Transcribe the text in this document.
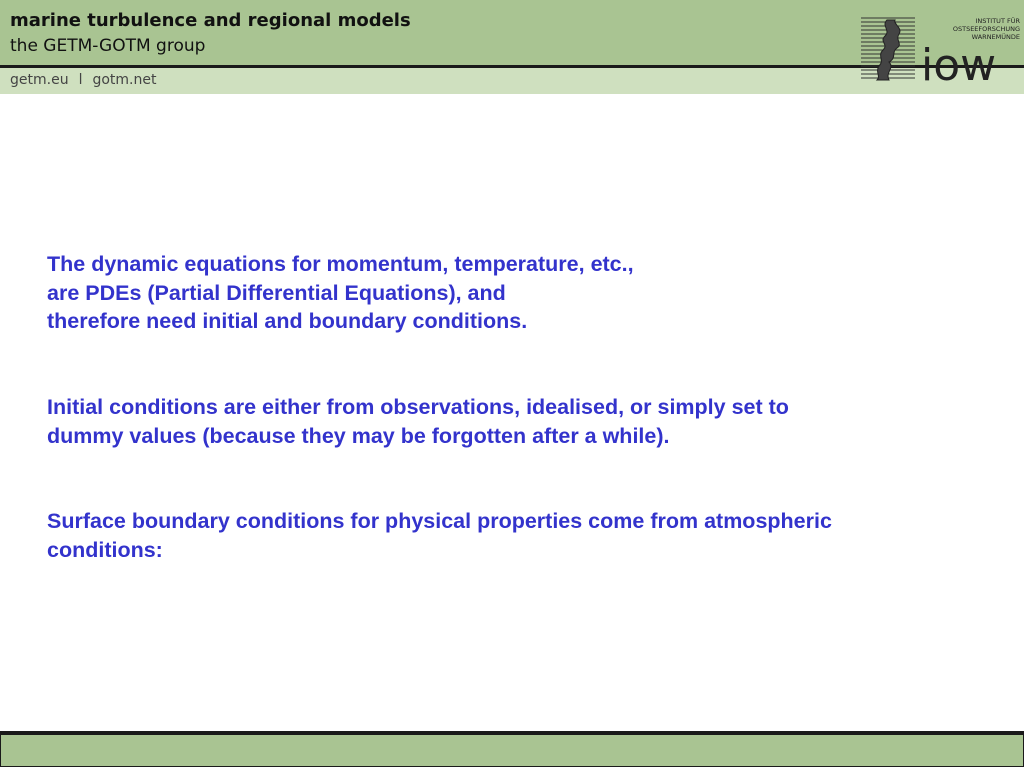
marine turbulence and regional models
the GETM-GOTM group
getm.eu l gotm.net	iow
INSTITUT FÜR
OSTSEEFORSCHUNG
WARNEMÜNDE
The dynamic equations for momentum, temperature, etc.,
are PDEs (Partial Differential Equations), and
therefore need initial and boundary conditions.
Initial conditions are either from observations, idealised, or simply set to
dummy values (because they may be forgotten after a while).
Surface boundary conditions for physical properties come from atmospheric
conditions:
